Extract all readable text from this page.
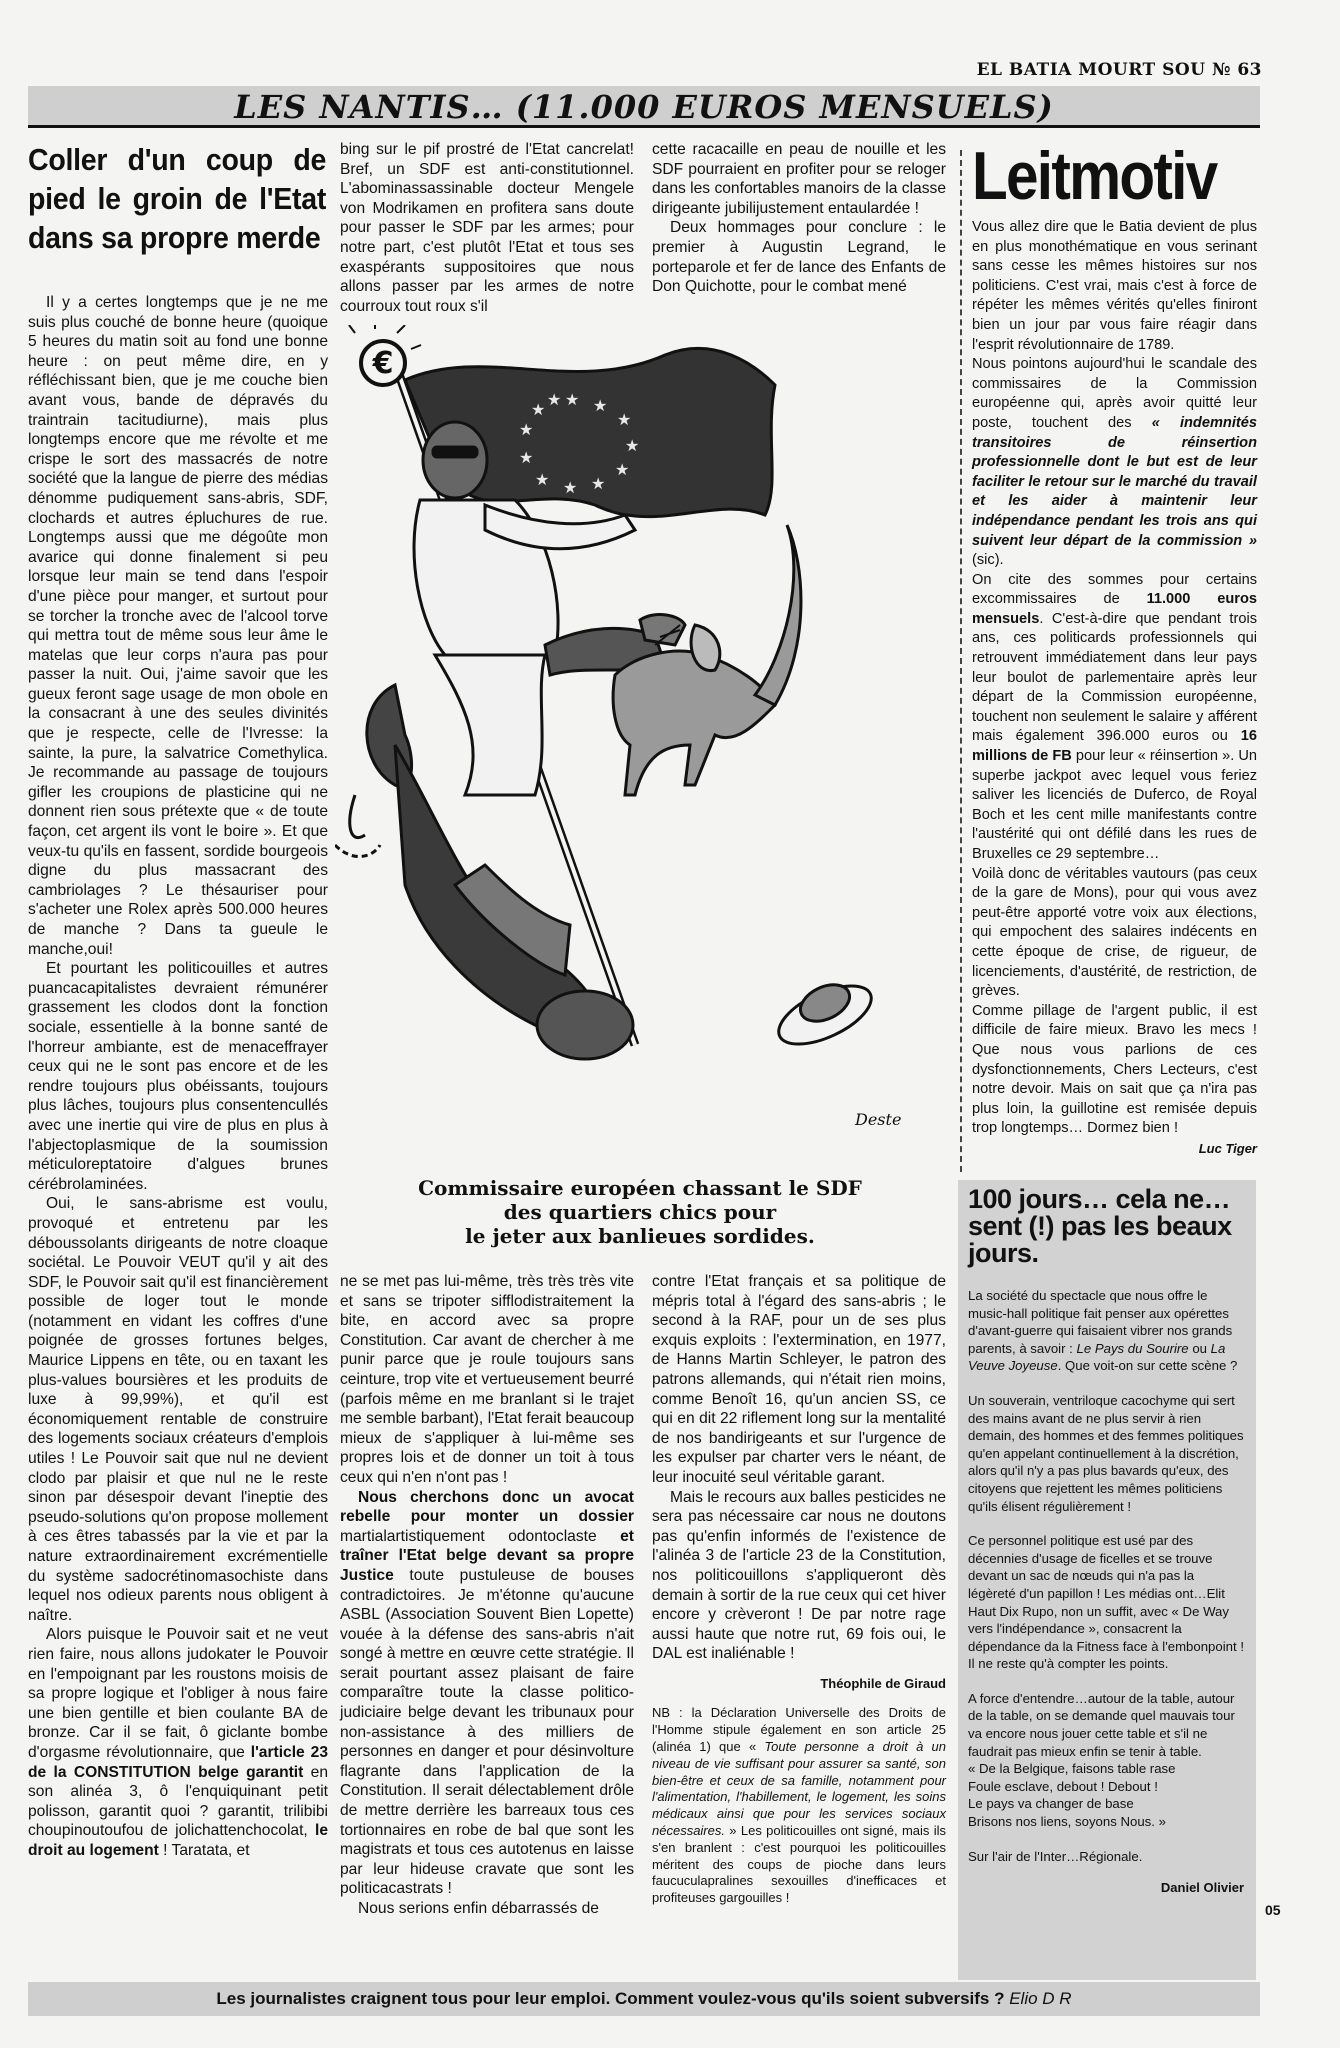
EL BATIA MOURT SOU № 63
LES NANTIS… (11.000 EUROS MENSUELS)
Coller d'un coup de pied le groin de l'Etat dans sa propre merde

Il y a certes longtemps que je ne me suis plus couché de bonne heure (quoique 5 heures du matin soit au fond une bonne heure : on peut même dire, en y réfléchissant bien, que je me couche bien avant vous, bande de dépravés du traintrain tacitudiurne), mais plus longtemps encore que me révolte et me crispe le sort des massacrés de notre société que la langue de pierre des médias dénomme pudiquement sans-abris, SDF, clochards et autres épluchures de rue. Longtemps aussi que me dégoûte mon avarice qui donne finalement si peu lorsque leur main se tend dans l'espoir d'une pièce pour manger, et surtout pour se torcher la tronche avec de l'alcool torve qui mettra tout de même sous leur âme le matelas que leur corps n'aura pas pour passer la nuit. Oui, j'aime savoir que les gueux feront sage usage de mon obole en la consacrant à une des seules divinités que je respecte, celle de l'Ivresse: la sainte, la pure, la salvatrice Comethylica. Je recommande au passage de toujours gifler les croupions de plasticine qui ne donnent rien sous prétexte que « de toute façon, cet argent ils vont le boire ». Et que veux-tu qu'ils en fassent, sordide bourgeois digne du plus massacrant des cambriolages ? Le thésauriser pour s'acheter une Rolex après 500.000 heures de manche ? Dans ta gueule le manche,oui!

Et pourtant les politicouilles et autres puancacapitalistes devraient rémunérer grassement les clodos dont la fonction sociale, essentielle à la bonne santé de l'horreur ambiante, est de menaceffrayer ceux qui ne le sont pas encore et de les rendre toujours plus obéissants, toujours plus lâches, toujours plus consentencullés avec une inertie qui vire de plus en plus à l'abjectoplasmique de la soumission méticuloreptatoire d'algues brunes cérébrolaminées.

Oui, le sans-abrisme est voulu, provoqué et entretenu par les déboussolants dirigeants de notre cloaque sociétal. Le Pouvoir VEUT qu'il y ait des SDF, le Pouvoir sait qu'il est financièrement possible de loger tout le monde (notamment en vidant les coffres d'une poignée de grosses fortunes belges, Maurice Lippens en tête, ou en taxant les plus-values boursières et les produits de luxe à 99,99%), et qu'il est économiquement rentable de construire des logements sociaux créateurs d'emplois utiles ! Le Pouvoir sait que nul ne devient clodo par plaisir et que nul ne le reste sinon par désespoir devant l'ineptie des pseudo-solutions qu'on propose mollement à ces êtres tabassés par la vie et par la nature extraordinairement excrémentielle du système sadocrétinomasochiste dans lequel nos odieux parents nous obligent à naître.

Alors puisque le Pouvoir sait et ne veut rien faire, nous allons judokater le Pouvoir en l'empoignant par les roustons moisis de sa propre logique et l'obliger à nous faire une bien gentille et bien coulante BA de bronze. Car il se fait, ô giclante bombe d'orgasme révolutionnaire, que l'article 23 de la CONSTITUTION belge garantit en son alinéa 3, ô l'enquiquinant petit polisson, garantit quoi ? garantit, trilibibi choupinoutoufou de jolichattenchocolat, le droit au logement ! Taratata, et

bing sur le pif prostré de l'Etat cancrelat! Bref, un SDF est anti-constitutionnel. L'abominassassinable docteur Mengele von Modrikamen en profitera sans doute pour passer le SDF par les armes; pour notre part, c'est plutôt l'Etat et tous ses exaspérants suppositoires que nous allons passer par les armes de notre courroux tout roux s'il

cette racacaille en peau de nouille et les SDF pourraient en profiter pour se reloger dans les confortables manoirs de la classe dirigeante jubilijustement entaulardée !

Deux hommages pour conclure : le premier à Augustin Legrand, le porteparole et fer de lance des Enfants de Don Quichotte, pour le combat mené

€
★ ★
★
★
★
★
★
★
★
★
★
★
Deste
Commissaire européen chassant le SDF
des quartiers chics pour
le jeter aux banlieues sordides.

ne se met pas lui-même, très très très vite et sans se tripoter sifflodistraitement la bite, en accord avec sa propre Constitution. Car avant de chercher à me punir parce que je roule toujours sans ceinture, trop vite et vertueusement beurré (parfois même en me branlant si le trajet me semble barbant), l'Etat ferait beaucoup mieux de s'appliquer à lui-même ses propres lois et de donner un toit à tous ceux qui n'en n'ont pas !

Nous cherchons donc un avocat rebelle pour monter un dossier martialartistiquement odontoclaste et traîner l'Etat belge devant sa propre Justice toute pustuleuse de bouses contradictoires. Je m'étonne qu'aucune ASBL (Association Souvent Bien Lopette) vouée à la défense des sans-abris n'ait songé à mettre en œuvre cette stratégie. Il serait pourtant assez plaisant de faire comparaître toute la classe politico-judiciaire belge devant les tribunaux pour non-assistance à des milliers de personnes en danger et pour désinvolture flagrante dans l'application de la Constitution. Il serait délectablement drôle de mettre derrière les barreaux tous ces tortionnaires en robe de bal que sont les magistrats et tous ces autotenus en laisse par leur hideuse cravate que sont les politicacastrats !

Nous serions enfin débarrassés de

contre l'Etat français et sa politique de mépris total à l'égard des sans-abris ; le second à la RAF, pour un de ses plus exquis exploits : l'extermination, en 1977, de Hanns Martin Schleyer, le patron des patrons allemands, qui n'était rien moins, comme Benoît 16, qu'un ancien SS, ce qui en dit 22 riflement long sur la mentalité de nos bandirigeants et sur l'urgence de les expulser par charter vers le néant, de leur inocuité seul véritable garant.

Mais le recours aux balles pesticides ne sera pas nécessaire car nous ne doutons pas qu'enfin informés de l'existence de l'alinéa 3 de l'article 23 de la Constitution, nos politicouillons s'appliqueront dès demain à sortir de la rue ceux qui cet hiver encore y crèveront ! De par notre rage aussi haute que notre rut, 69 fois oui, le DAL est inaliénable !

Théophile de Giraud

NB : la Déclaration Universelle des Droits de l'Homme stipule également en son article 25 (alinéa 1) que « Toute personne a droit à un niveau de vie suffisant pour assurer sa santé, son bien-être et ceux de sa famille, notamment pour l'alimentation, l'habillement, le logement, les soins médicaux ainsi que pour les services sociaux nécessaires. » Les politicouilles ont signé, mais ils s'en branlent : c'est pourquoi les politicouilles méritent des coups de pioche dans leurs faucuculapralines sexouilles d'inefficaces et profiteuses gargouilles !

Leitmotiv

Vous allez dire que le Batia devient de plus en plus monothématique en vous serinant sans cesse les mêmes histoires sur nos politiciens. C'est vrai, mais c'est à force de répéter les mêmes vérités qu'elles finiront bien un jour par vous faire réagir dans l'esprit révolutionnaire de 1789.

Nous pointons aujourd'hui le scandale des commissaires de la Commission européenne qui, après avoir quitté leur poste, touchent des « indemnités transitoires de réinsertion professionnelle dont le but est de leur faciliter le retour sur le marché du travail et les aider à maintenir leur indépendance pendant les trois ans qui suivent leur départ de la commission » (sic).

On cite des sommes pour certains excommissaires de 11.000 euros mensuels. C'est-à-dire que pendant trois ans, ces politicards professionnels qui retrouvent immédiatement dans leur pays leur boulot de parlementaire après leur départ de la Commission européenne, touchent non seulement le salaire y afférent mais également 396.000 euros ou 16 millions de FB pour leur « réinsertion ». Un superbe jackpot avec lequel vous feriez saliver les licenciés de Duferco, de Royal Boch et les cent mille manifestants contre l'austérité qui ont défilé dans les rues de Bruxelles ce 29 septembre…

Voilà donc de véritables vautours (pas ceux de la gare de Mons), pour qui vous avez peut-être apporté votre voix aux élections, qui empochent des salaires indécents en cette époque de crise, de rigueur, de licenciements, d'austérité, de restriction, de grèves.

Comme pillage de l'argent public, il est difficile de faire mieux. Bravo les mecs ! Que nous vous parlions de ces dysfonctionnements, Chers Lecteurs, c'est notre devoir. Mais on sait que ça n'ira pas plus loin, la guillotine est remisée depuis trop longtemps… Dormez bien !

Luc Tiger
100 jours… cela ne… sent (!) pas les beaux jours.

La société du spectacle que nous offre le music-hall politique fait penser aux opérettes d'avant-guerre qui faisaient vibrer nos grands parents, à savoir : Le Pays du Sourire ou La Veuve Joyeuse. Que voit-on sur cette scène ?

Un souverain, ventriloque cacochyme qui sert des mains avant de ne plus servir à rien demain, des hommes et des femmes politiques qu'en appelant continuellement à la discrétion, alors qu'il n'y a pas plus bavards qu'eux, des citoyens que rejettent les mêmes politiciens qu'ils élisent régulièrement !

Ce personnel politique est usé par des décennies d'usage de ficelles et se trouve devant un sac de nœuds qui n'a pas la légèreté d'un papillon ! Les médias ont…Elit Haut Dix Rupo, non un suffit, avec « De Way vers l'indépendance », consacrent la dépendance da la Fitness face à l'embonpoint ! Il ne reste qu'à compter les points.

A force d'entendre…autour de la table, autour de la table, on se demande quel mauvais tour va encore nous jouer cette table et s'il ne faudrait pas mieux enfin se tenir à table.

« De la Belgique, faisons table rase

Foule esclave, debout ! Debout !

Le pays va changer de base

Brisons nos liens, soyons Nous. »

Sur l'air de l'Inter…Régionale.

Daniel Olivier
05
Les journalistes craignent tous pour leur emploi. Comment voulez-vous qu'ils soient subversifs ? Elio D R
